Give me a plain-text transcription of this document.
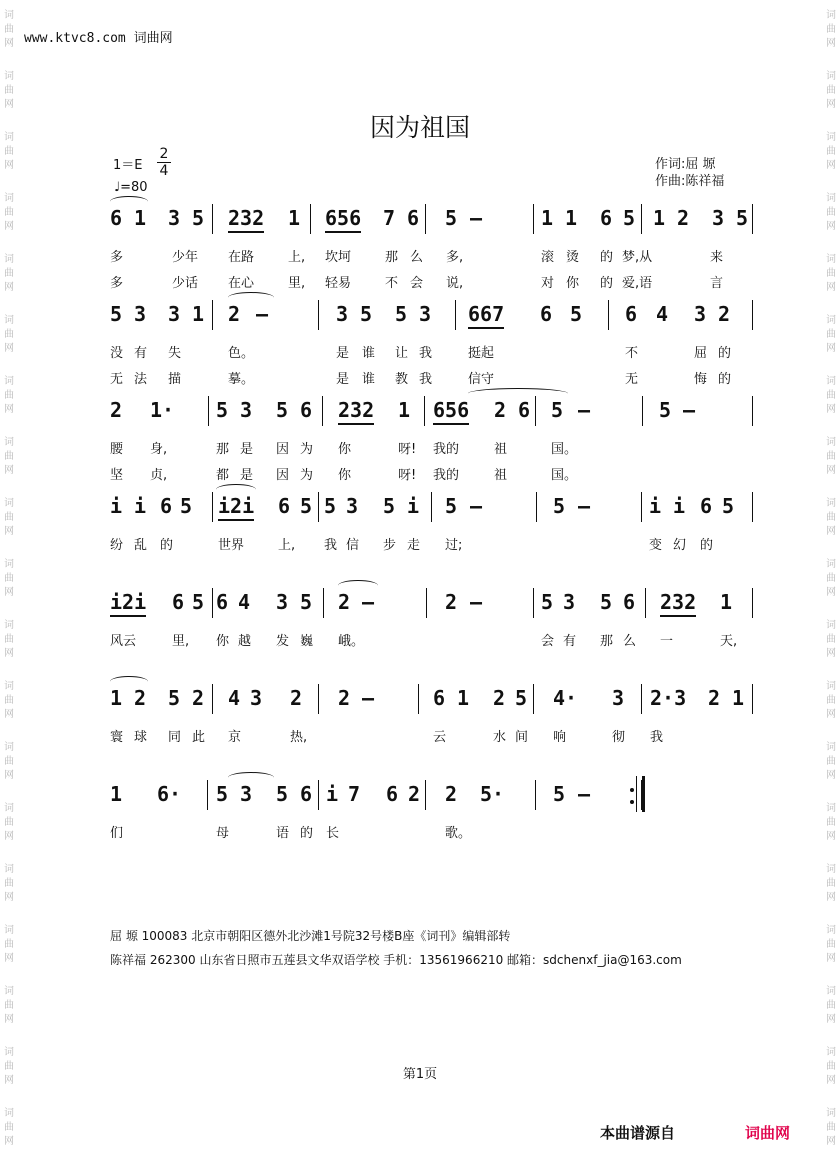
词
曲
网
词
曲
网
词
曲
网
词
曲
网
词
曲
网
词
曲
网
词
曲
网
词
曲
网
词
曲
网
词
曲
网
词
曲
网
词
曲
网
词
曲
网
词
曲
网
词
曲
网
词
曲
网
词
曲
网
词
曲
网
词
曲
网
词
曲
网
词
曲
网
词
曲
网
词
曲
网
词
曲
网
词
曲
网
词
曲
网
词
曲
网
词
曲
网
词
曲
网
词
曲
网
词
曲
网
词
曲
网
词
曲
网
词
曲
网
词
曲
网
词
曲
网
词
曲
网
词
曲
网
www.ktvc8.com 词曲网
因为祖国
$1=E \frac{2}{4}$
♩=80
作词:屈 塬
作曲:陈祥福
6 1 3 5 232 1 656 7 6 5 –	1 1 6 5 1 2 3 5
多	少年 在路	上, 坎坷	那 么 多,	滚 烫 的 梦,从	来
多	少话 在心	里, 轻易	不 会 说,	对 你 的 爱,语	言
5 3 3 1 2 –	3 5 5 3 667 6 5 6 4 3 2
没 有 失	色。	是 谁 让 我	挺起	不	屈 的
无 法 描	摹。	是 谁 教 我	信守	无	悔 的
2 1· 5 3 5 6 232 1 656 2 6 5 –	5 –
腰 身,	那 是 因 为 你	呀! 我的	祖	国。
坚 贞,	都 是 因 为 你	呀! 我的	祖	国。
i i 6 5 i2i 6 5 5 3 5 i 5 –	5 –	i i 6 5
纷 乱 的	世界	上, 我 信 步 走 过;	变 幻 的
i2i 6 5 6 4 3 5 2 –	2 –	5 3 5 6 232 1
风云	里, 你 越 发 巍 峨。	会 有 那 么 一	天,
1 2 5 2 4 3 2 2 –	6 1 2 5 4· 3 2·3 2 1
寰 球 同 此 京	热,	云	水 间 响	彻 我
1 6· 5 3 5 6 i 7 6 2 2 5· 5 –
们	母	语 的 长	歌。
屈 塬 100083 北京市朝阳区德外北沙滩1号院32号楼B座《词刊》编辑部转
陈祥福 262300 山东省日照市五莲县文华双语学校 手机：13561966210 邮箱：sdchenxf_jia@163.com
第1页
本曲谱源自	词曲网
